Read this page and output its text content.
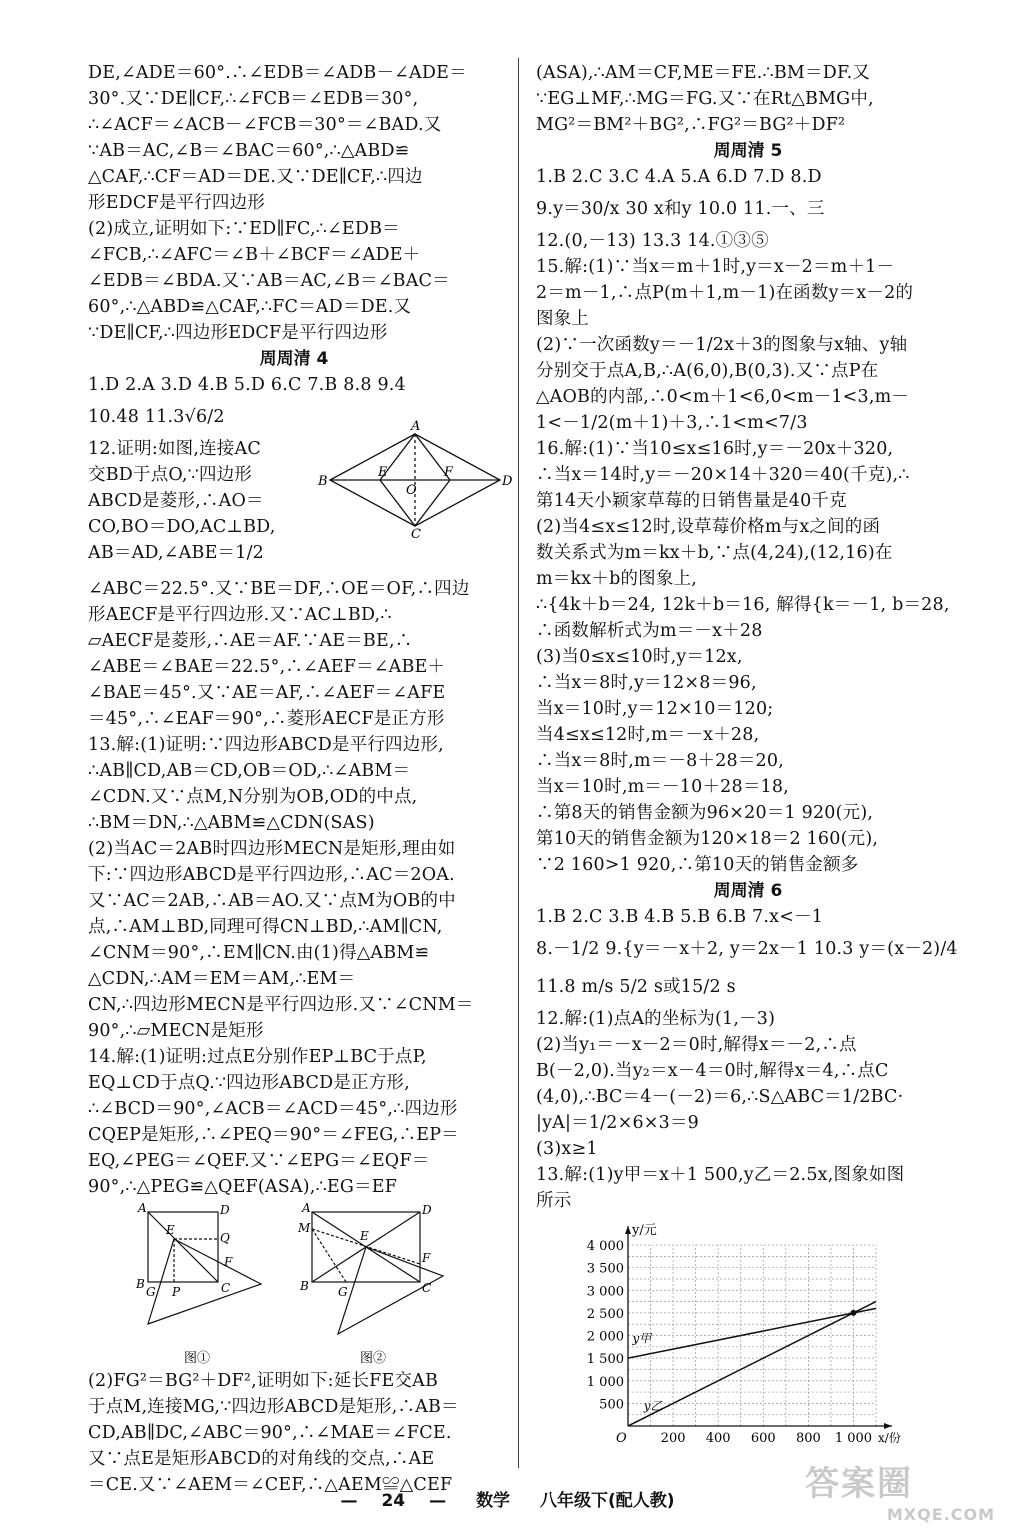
DE,∠ADE＝60°.∴∠EDB＝∠ADB－∠ADE＝
30°.又∵DE∥CF,∴∠FCB＝∠EDB＝30°,
∴∠ACF＝∠ACB－∠FCB＝30°＝∠BAD.又
∵AB＝AC,∠B＝∠BAC＝60°,∴△ABD≌
△CAF,∴CF＝AD＝DE.又∵DE∥CF,∴四边
形EDCF是平行四边形
(2)成立,证明如下:∵ED∥FC,∴∠EDB＝
∠FCB,∴∠AFC＝∠B＋∠BCF＝∠ADE＋
∠EDB＝∠BDA.又∵AB＝AC,∠B＝∠BAC＝
60°,∴△ABD≌△CAF,∴FC＝AD＝DE.又
∵DE∥CF,∴四边形EDCF是平行四边形
周周清 4
1.D 2.A 3.D 4.B 5.D 6.C 7.B 8.8 9.4
10.48 11.3√6/2
12.证明:如图,连接AC
交BD于点O,∵四边形
ABCD是菱形,∴AO＝
CO,BO＝DO,AC⊥BD,
AB＝AD,∠ABE＝1/2
A
B
C
D
E	F
O
∠ABC＝22.5°.又∵BE＝DF,∴OE＝OF,∴四边
形AECF是平行四边形.又∵AC⊥BD,∴
▱AECF是菱形,∴AE＝AF.∵AE＝BE,∴
∠ABE＝∠BAE＝22.5°,∴∠AEF＝∠ABE＋
∠BAE＝45°.又∵AE＝AF,∴∠AEF＝∠AFE
＝45°,∴∠EAF＝90°,∴菱形AECF是正方形
13.解:(1)证明:∵四边形ABCD是平行四边形,
∴AB∥CD,AB＝CD,OB＝OD,∴∠ABM＝
∠CDN.又∵点M,N分别为OB,OD的中点,
∴BM＝DN,∴△ABM≌△CDN(SAS)
(2)当AC＝2AB时四边形MECN是矩形,理由如
下:∵四边形ABCD是平行四边形,∴AC＝2OA.
又∵AC＝2AB,∴AB＝AO.又∵点M为OB的中
点,∴AM⊥BD,同理可得CN⊥BD,∴AM∥CN,
∠CNM＝90°,∴EM∥CN.由(1)得△ABM≌
△CDN,∴AM＝EM＝AM,∴EM＝
CN,∴四边形MECN是平行四边形.又∵∠CNM＝
90°,∴▱MECN是矩形
14.解:(1)证明:过点E分别作EP⊥BC于点P,
EQ⊥CD于点Q.∵四边形ABCD是正方形,
∴∠BCD＝90°,∠ACB＝∠ACD＝45°,∴四边形
CQEP是矩形,∴∠PEQ＝90°＝∠FEG,∴EP＝
EQ,∠PEG＝∠QEF.又∵∠EPG＝∠EQF＝
90°,∴△PEG≌△QEF(ASA),∴EG＝EF
A
B	C
D
E
F
G P
Q
图①
A
B	C
D
E
F
G
M
图②
(2)FG²＝BG²＋DF²,证明如下:延长FE交AB
于点M,连接MG,∵四边形ABCD是矩形,∴AB＝
CD,AB∥DC,∠ABC＝90°,∴∠MAE＝∠FCE.
又∵点E是矩形ABCD的对角线的交点,∴AE
＝CE.又∵∠AEM＝∠CEF,∴△AEM≌△CEF
(ASA),∴AM＝CF,ME＝FE.∴BM＝DF.又
∵EG⊥MF,∴MG＝FG.又∵在Rt△BMG中,
MG²＝BM²＋BG²,∴FG²＝BG²＋DF²
周周清 5
1.B 2.C 3.C 4.A 5.A 6.D 7.D 8.D
9.y＝30/x 30 x和y 10.0 11.一、三
12.(0,－13) 13.3 14.①③⑤
15.解:(1)∵当x＝m＋1时,y＝x－2＝m＋1－
2＝m－1,∴点P(m＋1,m－1)在函数y＝x－2的
图象上
(2)∵一次函数y＝－1/2x＋3的图象与x轴、y轴
分别交于点A,B,∴A(6,0),B(0,3).又∵点P在
△AOB的内部,∴0<m＋1<6,0<m－1<3,m－
1<－1/2(m＋1)＋3,∴1<m<7/3
16.解:(1)∵当10≤x≤16时,y＝－20x＋320,
∴当x＝14时,y＝－20×14＋320＝40(千克),∴
第14天小颖家草莓的日销售量是40千克
(2)当4≤x≤12时,设草莓价格m与x之间的函
数关系式为m＝kx＋b,∵点(4,24),(12,16)在
m＝kx＋b的图象上,
∴{4k＋b＝24, 12k＋b＝16, 解得{k＝－1, b＝28,
∴函数解析式为m＝－x＋28
(3)当0≤x≤10时,y＝12x,
∴当x＝8时,y＝12×8＝96,
当x＝10时,y＝12×10＝120;
当4≤x≤12时,m＝－x＋28,
∴当x＝8时,m＝－8＋28＝20,
当x＝10时,m＝－10＋28＝18,
∴第8天的销售金额为96×20＝1 920(元),
第10天的销售金额为120×18＝2 160(元),
∵2 160>1 920,∴第10天的销售金额多
周周清 6
1.B 2.C 3.B 4.B 5.B 6.B 7.x<－1
8.－1/2 9.{y＝－x＋2, y＝2x－1 10.3 y＝(x－2)/4
11.8 m/s 5/2 s或15/2 s
12.解:(1)点A的坐标为(1,－3)
(2)当y₁＝－x－2＝0时,解得x＝－2,∴点
B(－2,0).当y₂＝x－4＝0时,解得x＝4,∴点C
(4,0),∴BC＝4－(－2)＝6,∴S△ABC＝1/2BC·
|yA|＝1/2×6×3＝9
(3)x≥1
13.解:(1)y甲＝x＋1 500,y乙＝2.5x,图象如图
所示
500
1 000
1 500
2 000
2 500
3 000
3 500
4 000
200 400 600 800 1 000
O
y/元
x/份
y甲
y乙
— 24 — 数学 八年级下(配人教)	答案圈
MXQE.COM
